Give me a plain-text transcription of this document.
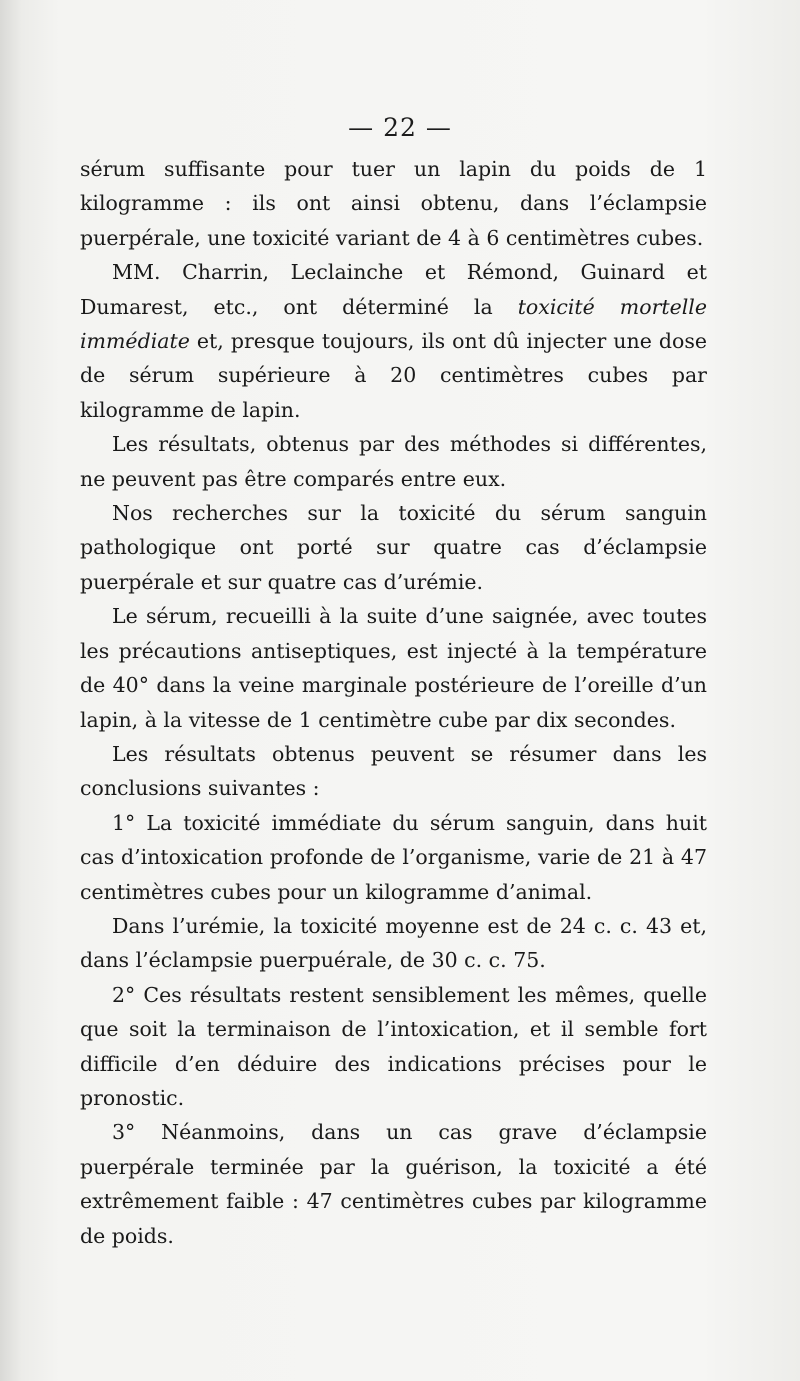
— 22 —

sérum suffisante pour tuer un lapin du poids de 1 kilogramme : ils ont ainsi obtenu, dans l’éclampsie puerpérale, une toxicité variant de 4 à 6 centimètres cubes.

MM. Charrin, Leclainche et Rémond, Guinard et Dumarest, etc., ont déterminé la toxicité mortelle immédiate et, presque toujours, ils ont dû injecter une dose de sérum supérieure à 20 centimètres cubes par kilogramme de lapin.

Les résultats, obtenus par des méthodes si différentes, ne peuvent pas être comparés entre eux.

Nos recherches sur la toxicité du sérum sanguin pathologique ont porté sur quatre cas d’éclampsie puerpérale et sur quatre cas d’urémie.

Le sérum, recueilli à la suite d’une saignée, avec toutes les précautions antiseptiques, est injecté à la température de 40° dans la veine marginale postérieure de l’oreille d’un lapin, à la vitesse de 1 centimètre cube par dix secondes.

Les résultats obtenus peuvent se résumer dans les conclusions suivantes :

1° La toxicité immédiate du sérum sanguin, dans huit cas d’intoxication profonde de l’organisme, varie de 21 à 47 centimètres cubes pour un kilogramme d’animal.

Dans l’urémie, la toxicité moyenne est de 24 c. c. 43 et, dans l’éclampsie puerpuérale, de 30 c. c. 75.

2° Ces résultats restent sensiblement les mêmes, quelle que soit la terminaison de l’intoxication, et il semble fort difficile d’en déduire des indications précises pour le pronostic.

3° Néanmoins, dans un cas grave d’éclampsie puerpérale terminée par la guérison, la toxicité a été extrêmement faible : 47 centimètres cubes par kilogramme de poids.
